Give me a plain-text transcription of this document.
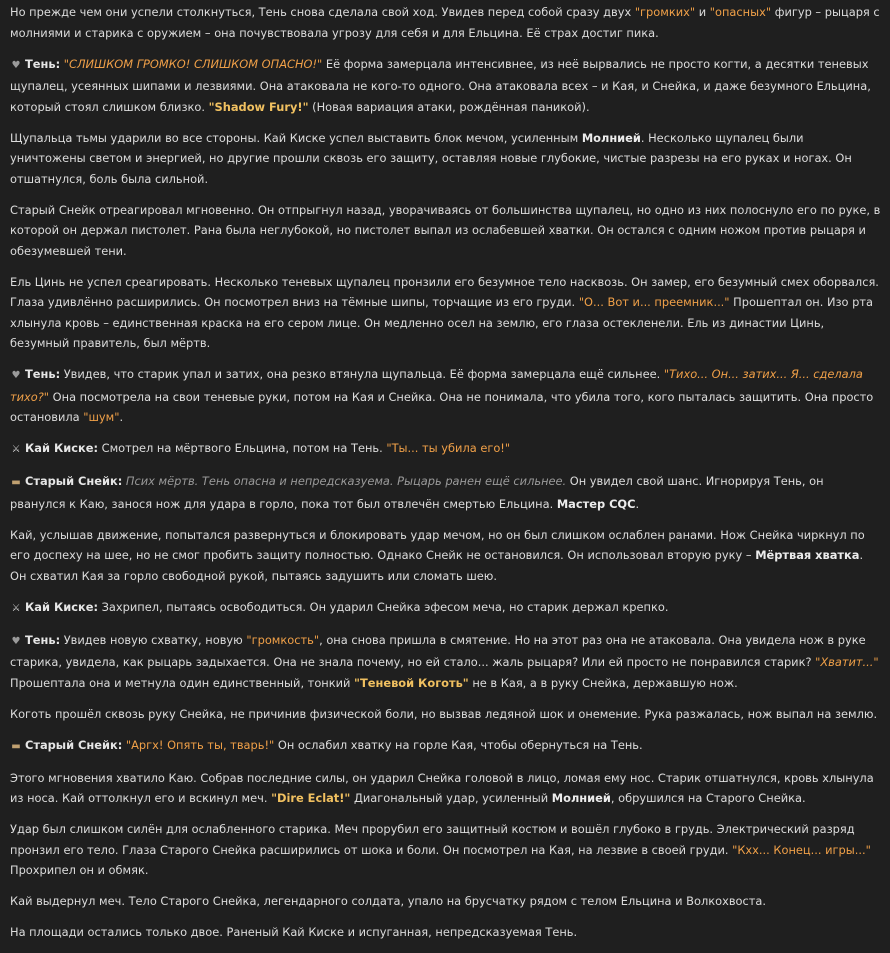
Но прежде чем они успели столкнуться, Тень снова сделала свой ход. Увидев перед собой сразу двух "громких" и "опасных" фигур – рыцаря с молниями и старика с оружием – она почувствовала угрозу для себя и для Ельцина. Её страх достиг пика.

♥ Тень: "СЛИШКОМ ГРОМКО! СЛИШКОМ ОПАСНО!" Её форма замерцала интенсивнее, из неё вырвались не просто когти, а десятки теневых щупалец, усеянных шипами и лезвиями. Она атаковала не кого-то одного. Она атаковала всех – и Кая, и Снейка, и даже безумного Ельцина, который стоял слишком близко. "Shadow Fury!" (Новая вариация атаки, рождённая паникой).

Щупальца тьмы ударили во все стороны. Кай Киске успел выставить блок мечом, усиленным Молнией. Несколько щупалец были уничтожены светом и энергией, но другие прошли сквозь его защиту, оставляя новые глубокие, чистые разрезы на его руках и ногах. Он отшатнулся, боль была сильной.

Старый Снейк отреагировал мгновенно. Он отпрыгнул назад, уворачиваясь от большинства щупалец, но одно из них полоснуло его по руке, в которой он держал пистолет. Рана была неглубокой, но пистолет выпал из ослабевшей хватки. Он остался с одним ножом против рыцаря и обезумевшей тени.

Ель Цинь не успел среагировать. Несколько теневых щупалец пронзили его безумное тело насквозь. Он замер, его безумный смех оборвался. Глаза удивлённо расширились. Он посмотрел вниз на тёмные шипы, торчащие из его груди. "О... Вот и... преемник..." Прошептал он. Изо рта хлынула кровь – единственная краска на его сером лице. Он медленно осел на землю, его глаза остекленели. Ель из династии Цинь, безумный правитель, был мёртв.

♥ Тень: Увидев, что старик упал и затих, она резко втянула щупальца. Её форма замерцала ещё сильнее. "Тихо... Он... затих... Я... сделала тихо?" Она посмотрела на свои теневые руки, потом на Кая и Снейка. Она не понимала, что убила того, кого пыталась защитить. Она просто остановила "шум".

⚔ Кай Киске: Смотрел на мёртвого Ельцина, потом на Тень. "Ты... ты убила его!"

▬ Старый Снейк: Псих мёртв. Тень опасна и непредсказуема. Рыцарь ранен ещё сильнее. Он увидел свой шанс. Игнорируя Тень, он рванулся к Каю, занося нож для удара в горло, пока тот был отвлечён смертью Ельцина. Мастер CQC.

Кай, услышав движение, попытался развернуться и блокировать удар мечом, но он был слишком ослаблен ранами. Нож Снейка чиркнул по его доспеху на шее, но не смог пробить защиту полностью. Однако Снейк не остановился. Он использовал вторую руку – Мёртвая хватка. Он схватил Кая за горло свободной рукой, пытаясь задушить или сломать шею.

⚔ Кай Киске: Захрипел, пытаясь освободиться. Он ударил Снейка эфесом меча, но старик держал крепко.

♥ Тень: Увидев новую схватку, новую "громкость", она снова пришла в смятение. Но на этот раз она не атаковала. Она увидела нож в руке старика, увидела, как рыцарь задыхается. Она не знала почему, но ей стало... жаль рыцаря? Или ей просто не понравился старик? "Хватит..." Прошептала она и метнула один единственный, тонкий "Теневой Коготь" не в Кая, а в руку Снейка, державшую нож.

Коготь прошёл сквозь руку Снейка, не причинив физической боли, но вызвав ледяной шок и онемение. Рука разжалась, нож выпал на землю.

▬ Старый Снейк: "Аргх! Опять ты, тварь!" Он ослабил хватку на горле Кая, чтобы обернуться на Тень.

Этого мгновения хватило Каю. Собрав последние силы, он ударил Снейка головой в лицо, ломая ему нос. Старик отшатнулся, кровь хлынула из носа. Кай оттолкнул его и вскинул меч. "Dire Eclat!" Диагональный удар, усиленный Молнией, обрушился на Старого Снейка.

Удар был слишком силён для ослабленного старика. Меч прорубил его защитный костюм и вошёл глубоко в грудь. Электрический разряд пронзил его тело. Глаза Старого Снейка расширились от шока и боли. Он посмотрел на Кая, на лезвие в своей груди. "Кхх... Конец... игры..." Прохрипел он и обмяк.

Кай выдернул меч. Тело Старого Снейка, легендарного солдата, упало на брусчатку рядом с телом Ельцина и Волкохвоста.

На площади остались только двое. Раненый Кай Киске и испуганная, непредсказуемая Тень.
